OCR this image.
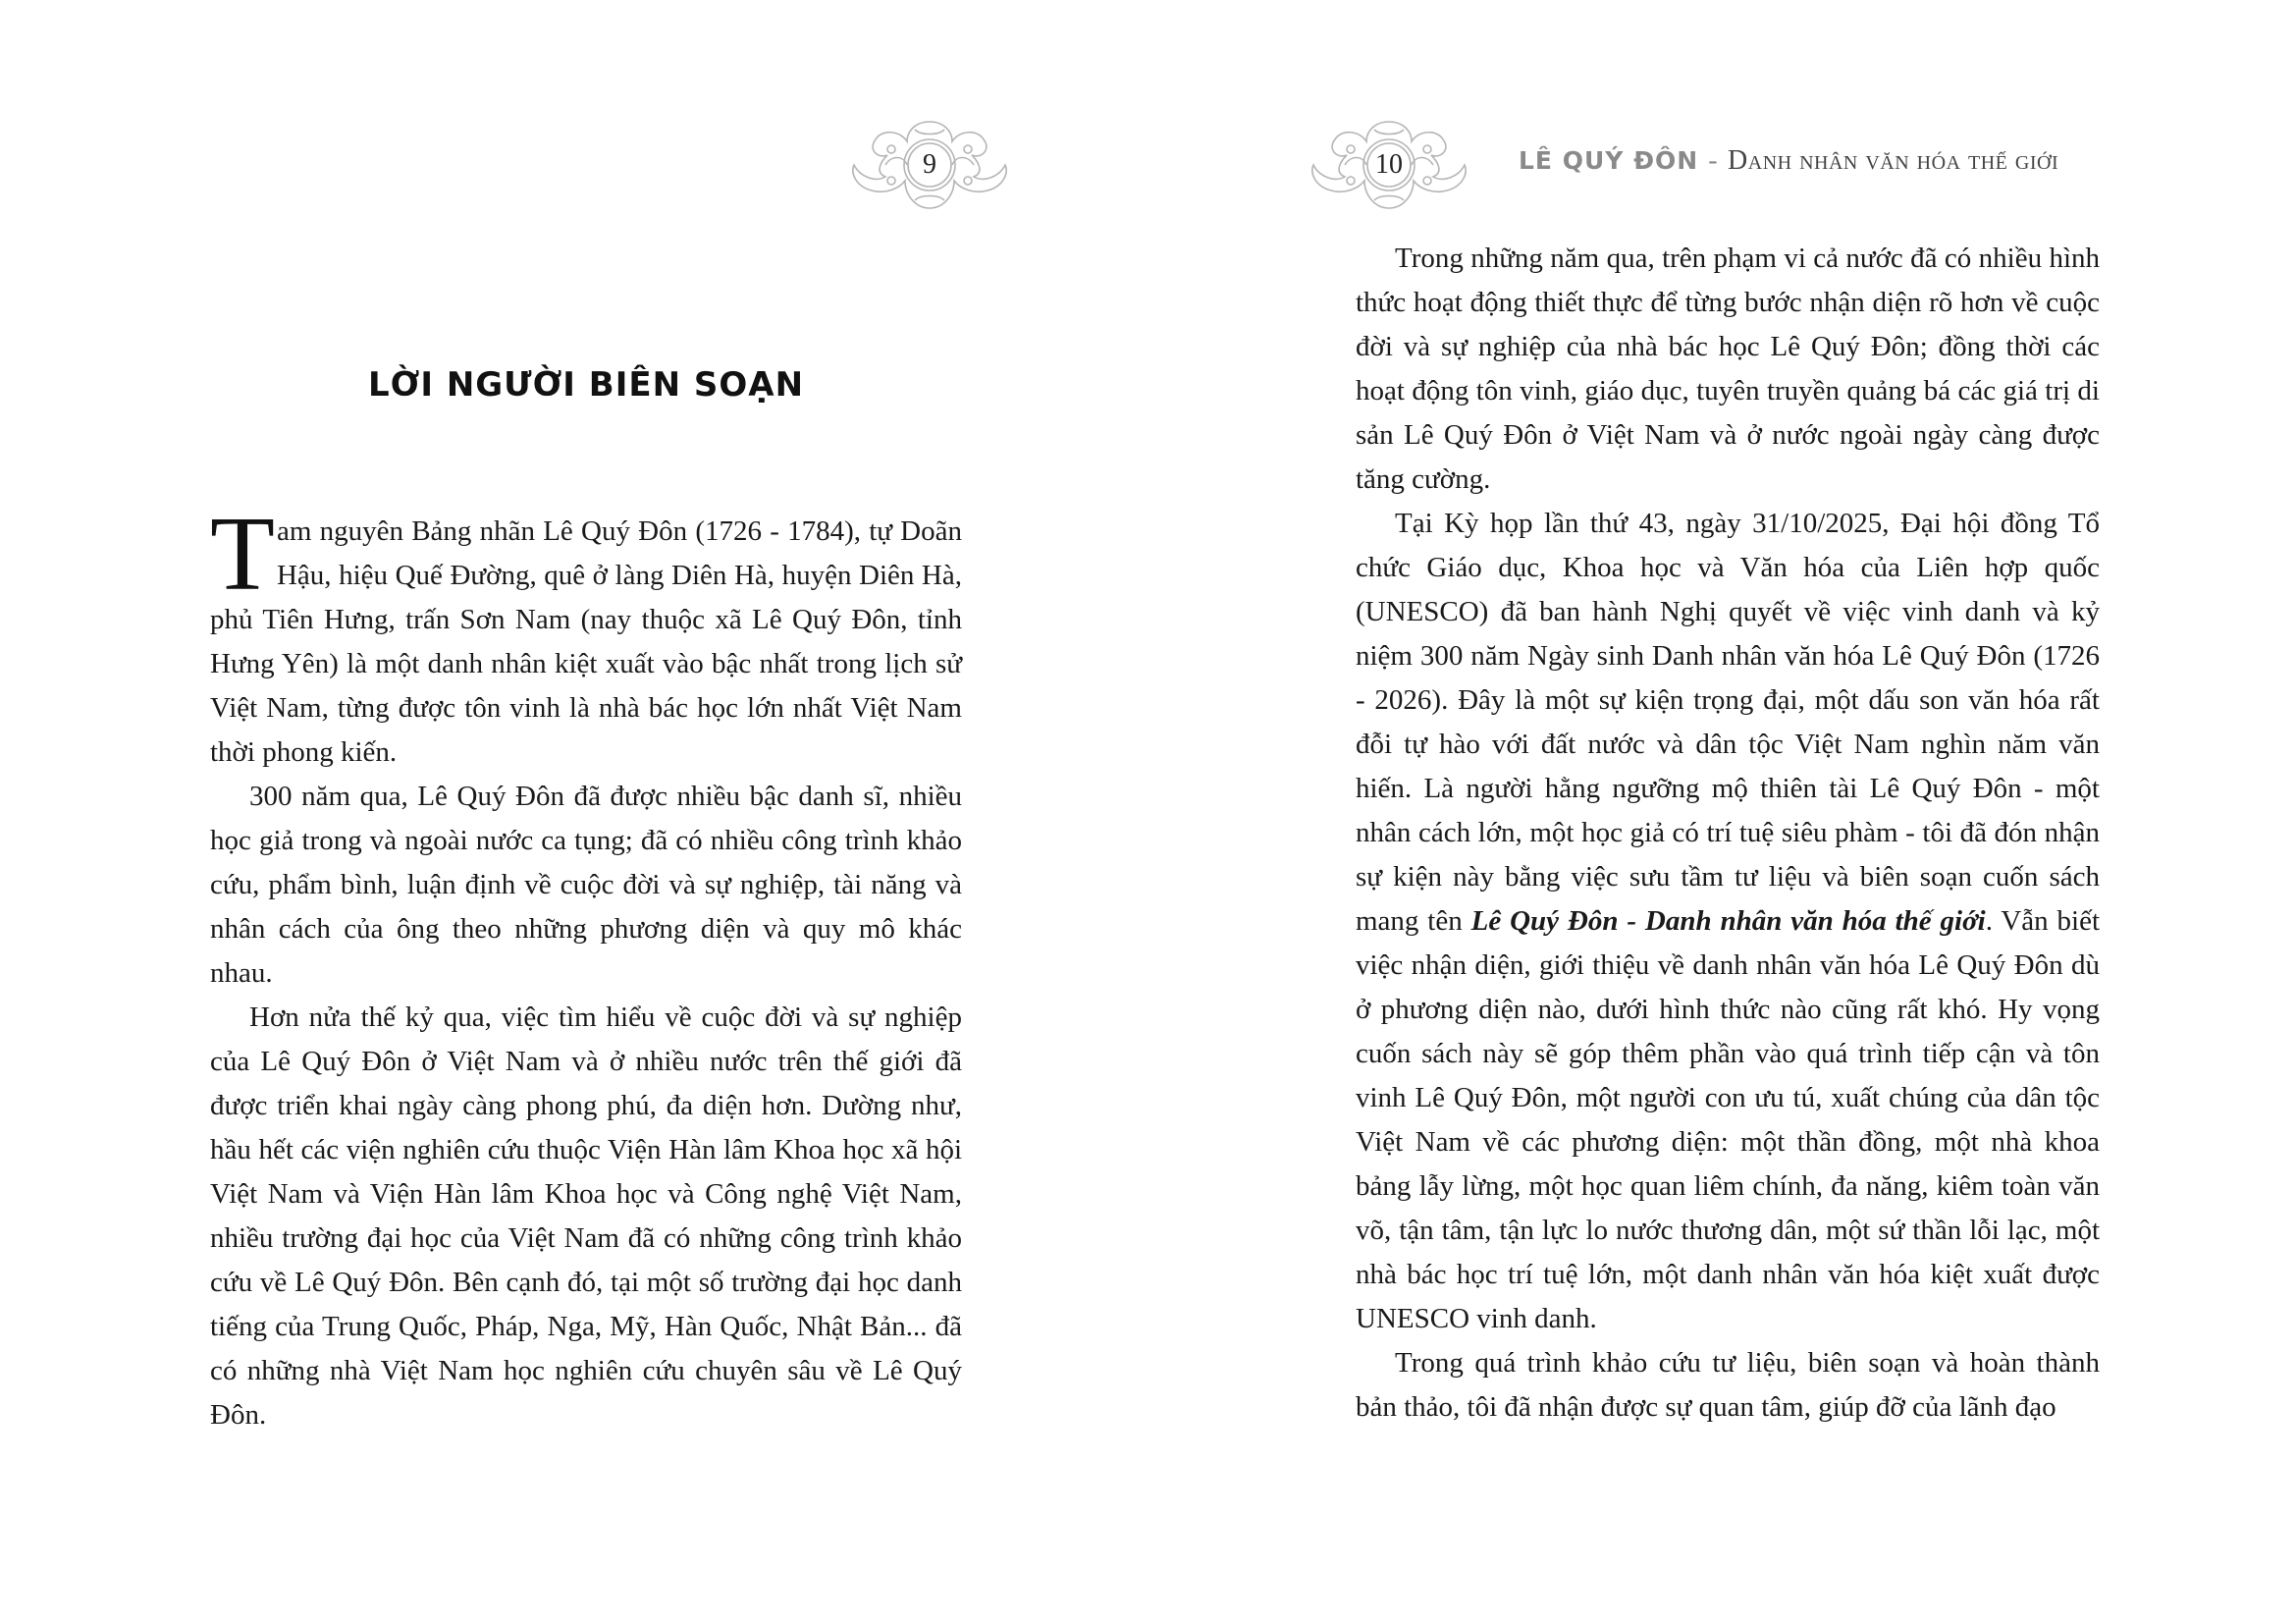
9
LỜI NGƯỜI BIÊN SOẠN

Tam nguyên Bảng nhãn Lê Quý Đôn (1726 - 1784), tự Doãn Hậu, hiệu Quế Đường, quê ở làng Diên Hà, huyện Diên Hà, phủ Tiên Hưng, trấn Sơn Nam (nay thuộc xã Lê Quý Đôn, tỉnh Hưng Yên) là một danh nhân kiệt xuất vào bậc nhất trong lịch sử Việt Nam, từng được tôn vinh là nhà bác học lớn nhất Việt Nam thời phong kiến.

300 năm qua, Lê Quý Đôn đã được nhiều bậc danh sĩ, nhiều học giả trong và ngoài nước ca tụng; đã có nhiều công trình khảo cứu, phẩm bình, luận định về cuộc đời và sự nghiệp, tài năng và nhân cách của ông theo những phương diện và quy mô khác nhau.

Hơn nửa thế kỷ qua, việc tìm hiểu về cuộc đời và sự nghiệp của Lê Quý Đôn ở Việt Nam và ở nhiều nước trên thế giới đã được triển khai ngày càng phong phú, đa diện hơn. Dường như, hầu hết các viện nghiên cứu thuộc Viện Hàn lâm Khoa học xã hội Việt Nam và Viện Hàn lâm Khoa học và Công nghệ Việt Nam, nhiều trường đại học của Việt Nam đã có những công trình khảo cứu về Lê Quý Đôn. Bên cạnh đó, tại một số trường đại học danh tiếng của Trung Quốc, Pháp, Nga, Mỹ, Hàn Quốc, Nhật Bản... đã có những nhà Việt Nam học nghiên cứu chuyên sâu về Lê Quý Đôn.

10	LÊ QUÝ ĐÔN - Danh nhân văn hóa thế giới

Trong những năm qua, trên phạm vi cả nước đã có nhiều hình thức hoạt động thiết thực để từng bước nhận diện rõ hơn về cuộc đời và sự nghiệp của nhà bác học Lê Quý Đôn; đồng thời các hoạt động tôn vinh, giáo dục, tuyên truyền quảng bá các giá trị di sản Lê Quý Đôn ở Việt Nam và ở nước ngoài ngày càng được tăng cường.

Tại Kỳ họp lần thứ 43, ngày 31/10/2025, Đại hội đồng Tổ chức Giáo dục, Khoa học và Văn hóa của Liên hợp quốc (UNESCO) đã ban hành Nghị quyết về việc vinh danh và kỷ niệm 300 năm Ngày sinh Danh nhân văn hóa Lê Quý Đôn (1726 - 2026). Đây là một sự kiện trọng đại, một dấu son văn hóa rất đỗi tự hào với đất nước và dân tộc Việt Nam nghìn năm văn hiến. Là người hằng ngưỡng mộ thiên tài Lê Quý Đôn - một nhân cách lớn, một học giả có trí tuệ siêu phàm - tôi đã đón nhận sự kiện này bằng việc sưu tầm tư liệu và biên soạn cuốn sách mang tên Lê Quý Đôn - Danh nhân văn hóa thế giới. Vẫn biết việc nhận diện, giới thiệu về danh nhân văn hóa Lê Quý Đôn dù ở phương diện nào, dưới hình thức nào cũng rất khó. Hy vọng cuốn sách này sẽ góp thêm phần vào quá trình tiếp cận và tôn vinh Lê Quý Đôn, một người con ưu tú, xuất chúng của dân tộc Việt Nam về các phương diện: một thần đồng, một nhà khoa bảng lẫy lừng, một học quan liêm chính, đa năng, kiêm toàn văn võ, tận tâm, tận lực lo nước thương dân, một sứ thần lỗi lạc, một nhà bác học trí tuệ lớn, một danh nhân văn hóa kiệt xuất được UNESCO vinh danh.

Trong quá trình khảo cứu tư liệu, biên soạn và hoàn thành bản thảo, tôi đã nhận được sự quan tâm, giúp đỡ của lãnh đạo
